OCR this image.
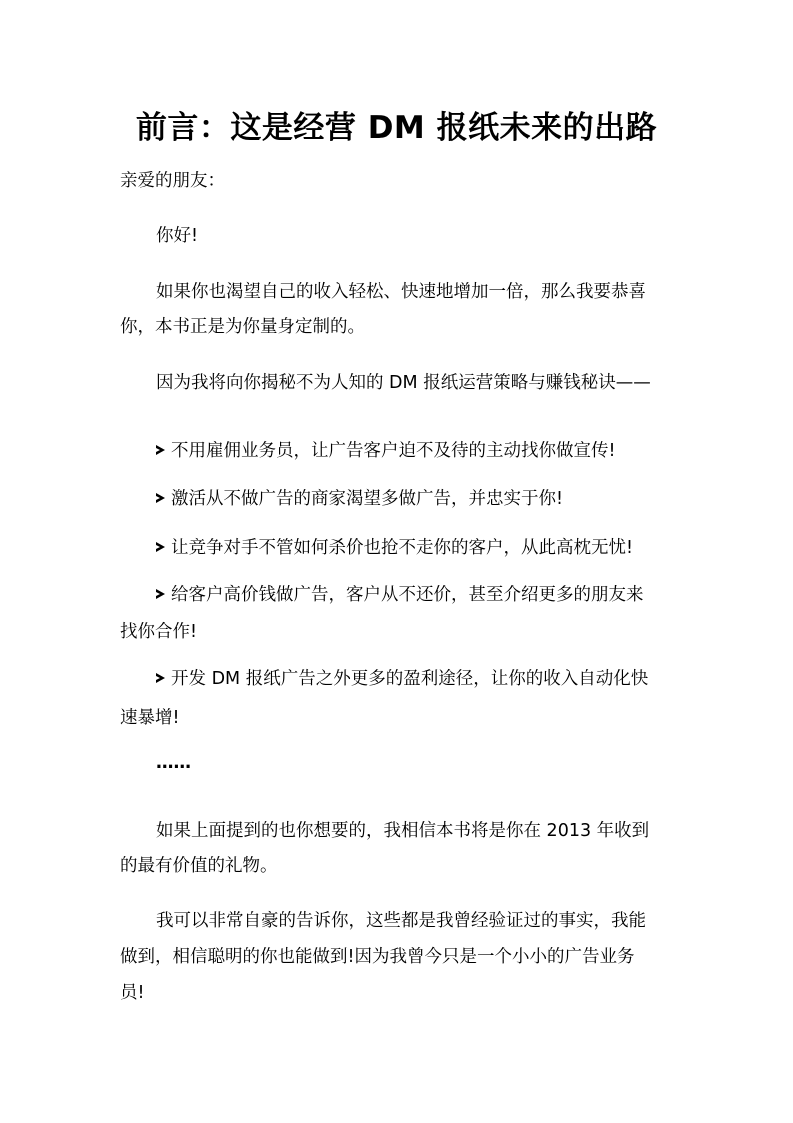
前言：这是经营 DM 报纸未来的出路
亲爱的朋友：
你好!
如果你也渴望自己的收入轻松、快速地增加一倍，那么我要恭喜
你，本书正是为你量身定制的。
因为我将向你揭秘不为人知的 DM 报纸运营策略与赚钱秘诀——
不用雇佣业务员，让广告客户迫不及待的主动找你做宣传!
激活从不做广告的商家渴望多做广告，并忠实于你!
让竞争对手不管如何杀价也抢不走你的客户，从此高枕无忧!
给客户高价钱做广告，客户从不还价，甚至介绍更多的朋友来
找你合作!
开发 DM 报纸广告之外更多的盈利途径，让你的收入自动化快
速暴增!
……
如果上面提到的也你想要的，我相信本书将是你在 2013 年收到
的最有价值的礼物。
我可以非常自豪的告诉你，这些都是我曾经验证过的事实，我能
做到，相信聪明的你也能做到!因为我曾今只是一个小小的广告业务
员!
